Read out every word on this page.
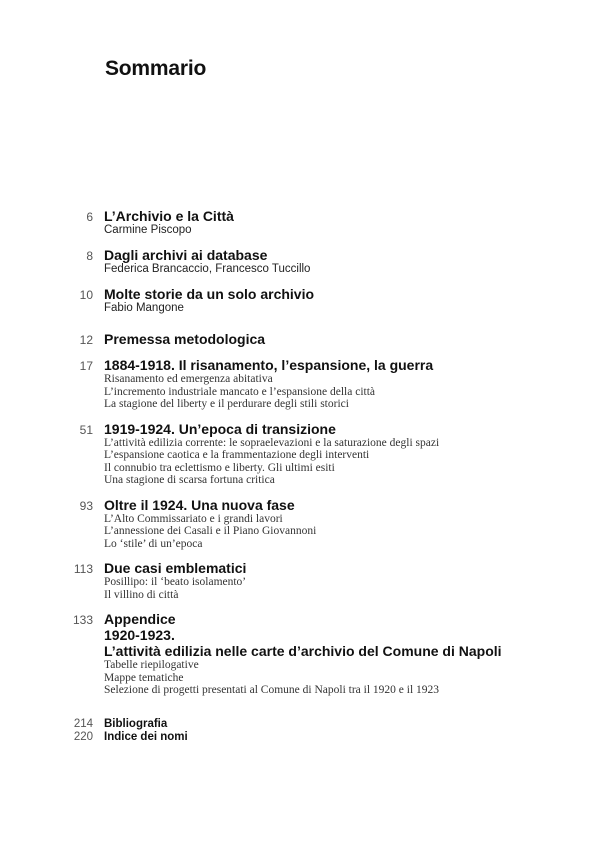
Sommario
6 L’Archivio e la Città
Carmine Piscopo
8 Dagli archivi ai database
Federica Brancaccio, Francesco Tuccillo
10 Molte storie da un solo archivio
Fabio Mangone
12 Premessa metodologica
17 1884-1918. Il risanamento, l’espansione, la guerra
Risanamento ed emergenza abitativa
L’incremento industriale mancato e l’espansione della città
La stagione del liberty e il perdurare degli stili storici
51 1919-1924. Un’epoca di transizione
L’attività edilizia corrente: le sopraelevazioni e la saturazione degli spazi
L’espansione caotica e la frammentazione degli interventi
Il connubio tra eclettismo e liberty. Gli ultimi esiti
Una stagione di scarsa fortuna critica
93 Oltre il 1924. Una nuova fase
L’Alto Commissariato e i grandi lavori
L’annessione dei Casali e il Piano Giovannoni
Lo ‘stile’ di un’epoca
113 Due casi emblematici
Posillipo: il ‘beato isolamento’
Il villino di città
133 Appendice
1920-1923.
L’attività edilizia nelle carte d’archivio del Comune di Napoli
Tabelle riepilogative
Mappe tematiche
Selezione di progetti presentati al Comune di Napoli tra il 1920 e il 1923
214 Bibliografia
220 Indice dei nomi
